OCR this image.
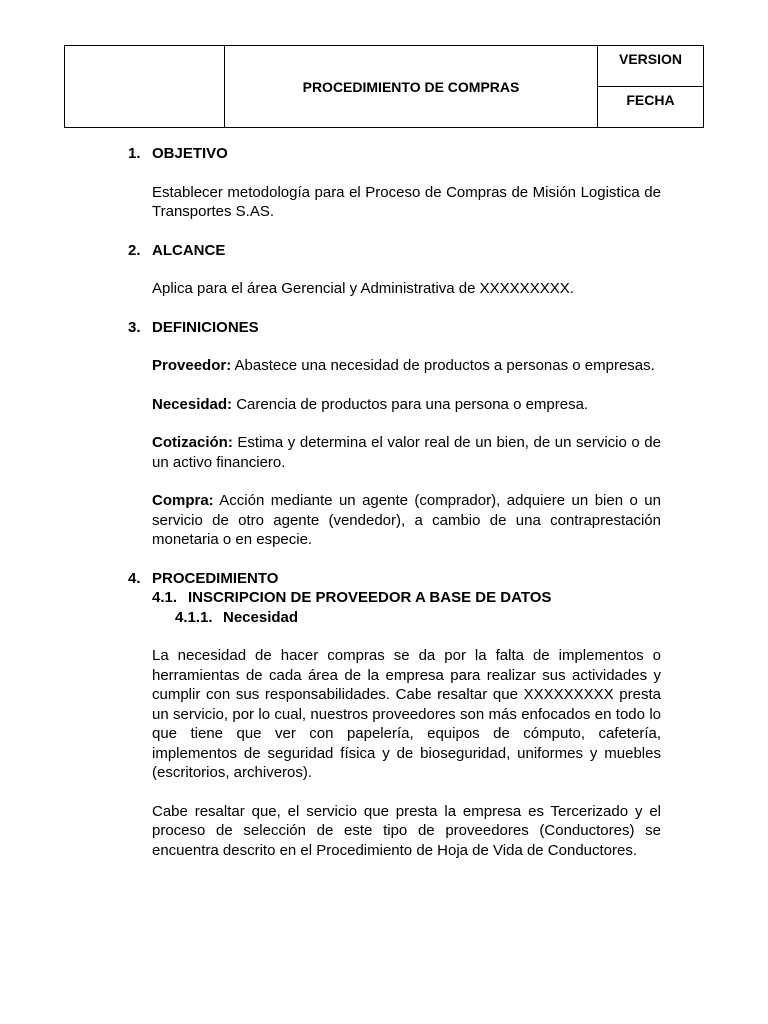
	PROCEDIMIENTO DE COMPRAS	VERSION
FECHA
1. OBJETIVO
Establecer metodología para el Proceso de Compras de Misión Logistica de Transportes S.AS.
2. ALCANCE
Aplica para el área Gerencial y Administrativa de XXXXXXXXX.
3. DEFINICIONES
Proveedor: Abastece una necesidad de productos a personas o empresas.
Necesidad: Carencia de productos para una persona o empresa.
Cotización: Estima y determina el valor real de un bien, de un servicio o de un activo financiero.
Compra: Acción mediante un agente (comprador), adquiere un bien o un servicio de otro agente (vendedor), a cambio de una contraprestación monetaria o en especie.
4. PROCEDIMIENTO
4.1. INSCRIPCION DE PROVEEDOR A BASE DE DATOS
4.1.1. Necesidad
La necesidad de hacer compras se da por la falta de implementos o herramientas de cada área de la empresa para realizar sus actividades y cumplir con sus responsabilidades. Cabe resaltar que XXXXXXXXX presta un servicio, por lo cual, nuestros proveedores son más enfocados en todo lo que tiene que ver con papelería, equipos de cómputo, cafetería, implementos de seguridad física y de bioseguridad, uniformes y muebles (escritorios, archiveros).
Cabe resaltar que, el servicio que presta la empresa es Tercerizado y el proceso de selección de este tipo de proveedores (Conductores) se encuentra descrito en el Procedimiento de Hoja de Vida de Conductores.
